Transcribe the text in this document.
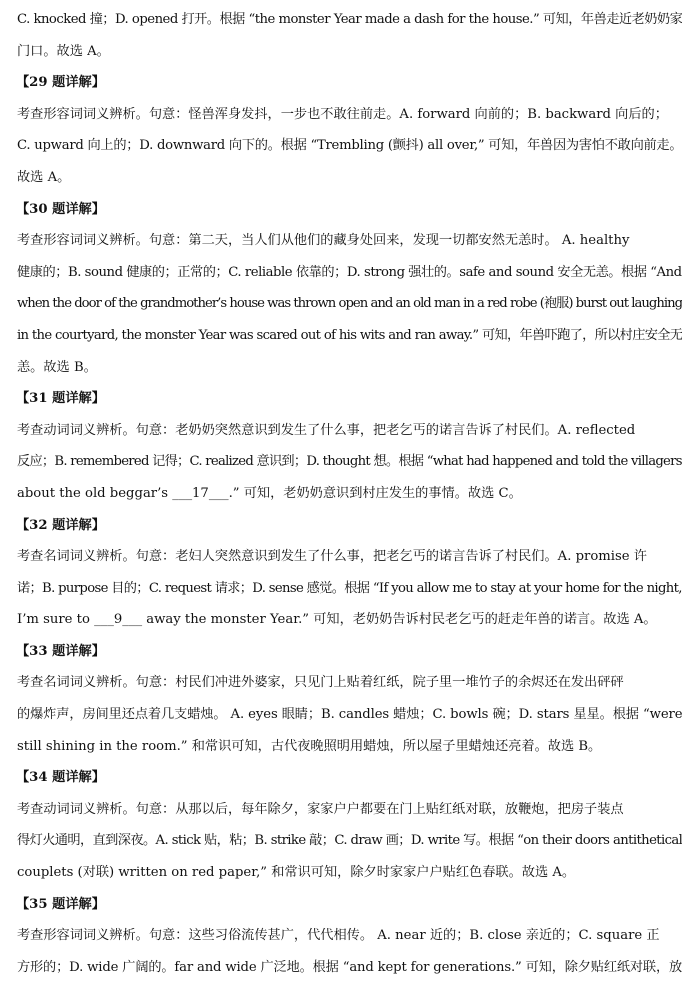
C. knocked 撞；D. opened 打开。根据 “the monster Year made a dash for the house.” 可知，年兽走近老奶奶家
门口。故选 A。
【29 题详解】
考查形容词词义辨析。句意：怪兽浑身发抖，一步也不敢往前走。A. forward 向前的；B. backward 向后的；
C. upward 向上的；D. downward 向下的。根据 “Trembling (颤抖) all over,” 可知，年兽因为害怕不敢向前走。
故选 A。
【30 题详解】
考查形容词词义辨析。句意：第二天，当人们从他们的藏身处回来，发现一切都安然无恙时。 A. healthy
健康的；B. sound 健康的；正常的；C. reliable 依靠的；D. strong 强壮的。safe and sound 安全无恙。根据 “And
when the door of the grandmother’s house was thrown open and an old man in a red robe (袍服) burst out laughing
in the courtyard, the monster Year was scared out of his wits and ran away.” 可知，年兽吓跑了，所以村庄安全无
恙。故选 B。
【31 题详解】
考查动词词义辨析。句意：老奶奶突然意识到发生了什么事，把老乞丐的诺言告诉了村民们。A. reflected
反应；B. remembered 记得；C. realized 意识到；D. thought 想。根据 “what had happened and told the villagers
about the old beggar’s ___17___.” 可知，老奶奶意识到村庄发生的事情。故选 C。
【32 题详解】
考查名词词义辨析。句意：老妇人突然意识到发生了什么事，把老乞丐的诺言告诉了村民们。A. promise 许
诺；B. purpose 目的；C. request 请求；D. sense 感觉。根据 “If you allow me to stay at your home for the night,
I’m sure to ___9___ away the monster Year.” 可知，老奶奶告诉村民老乞丐的赶走年兽的诺言。故选 A。
【33 题详解】
考查名词词义辨析。句意：村民们冲进外婆家，只见门上贴着红纸，院子里一堆竹子的余烬还在发出砰砰
的爆炸声，房间里还点着几支蜡烛。 A. eyes 眼睛；B. candles 蜡烛；C. bowls 碗；D. stars 星星。根据 “were
still shining in the room.” 和常识可知，古代夜晚照明用蜡烛，所以屋子里蜡烛还亮着。故选 B。
【34 题详解】
考查动词词义辨析。句意：从那以后，每年除夕，家家户户都要在门上贴红纸对联，放鞭炮，把房子装点
得灯火通明，直到深夜。A. stick 贴，粘；B. strike 敲；C. draw 画；D. write 写。根据 “on their doors antithetical
couplets (对联) written on red paper,” 和常识可知，除夕时家家户户贴红色春联。故选 A。
【35 题详解】
考查形容词词义辨析。句意：这些习俗流传甚广，代代相传。 A. near 近的；B. close 亲近的；C. square 正
方形的；D. wide 广阔的。far and wide 广泛地。根据 “and kept for generations.” 可知，除夕贴红纸对联，放
